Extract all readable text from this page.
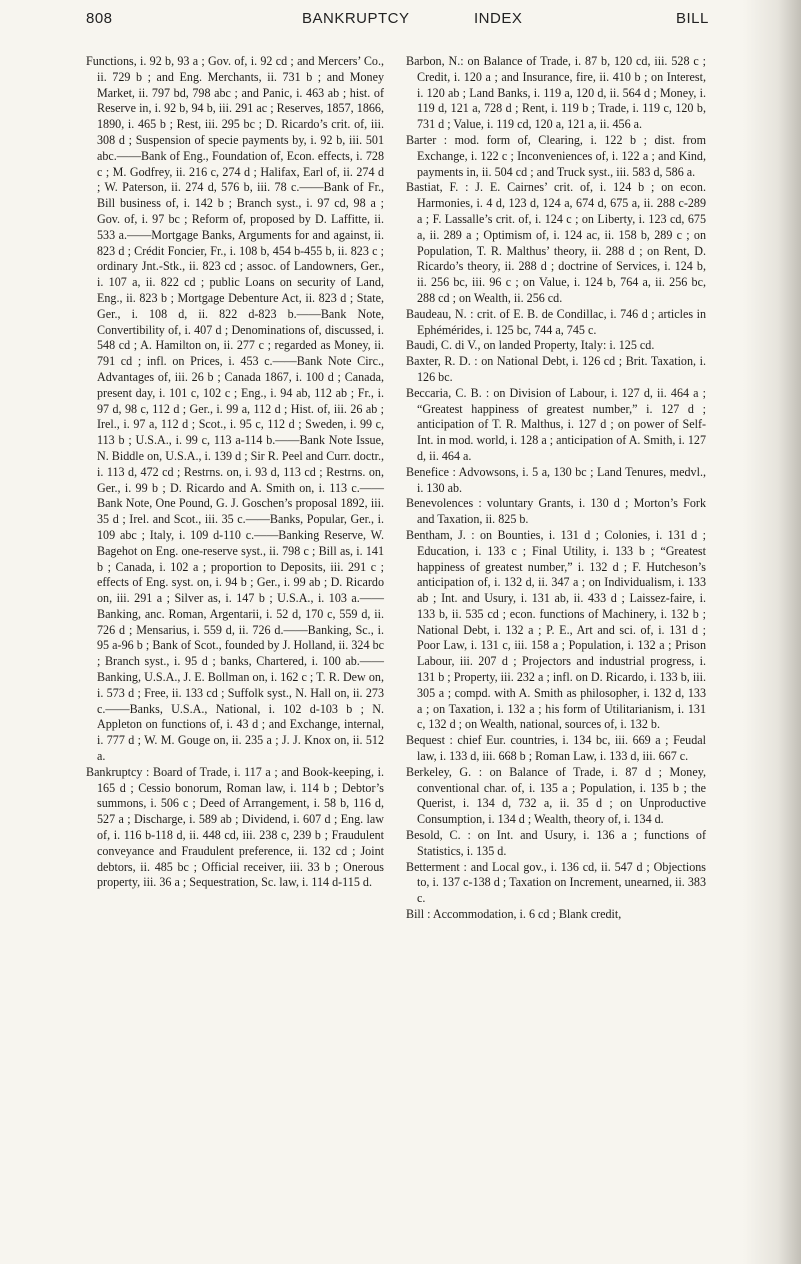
808	BANKRUPTCY	INDEX	BILL

Functions, i. 92 b, 93 a ; Gov. of, i. 92 cd ; and Mercers’ Co., ii. 729 b ; and Eng. Merchants, ii. 731 b ; and Money Market, ii. 797 bd, 798 abc ; and Panic, i. 463 ab ; hist. of Reserve in, i. 92 b, 94 b, iii. 291 ac ; Reserves, 1857, 1866, 1890, i. 465 b ; Rest, iii. 295 bc ; D. Ricardo’s crit. of, iii. 308 d ; Suspension of specie payments by, i. 92 b, iii. 501 abc.——Bank of Eng., Foundation of, Econ. effects, i. 728 c ; M. Godfrey, ii. 216 c, 274 d ; Halifax, Earl of, ii. 274 d ; W. Paterson, ii. 274 d, 576 b, iii. 78 c.——Bank of Fr., Bill business of, i. 142 b ; Branch syst., i. 97 cd, 98 a ; Gov. of, i. 97 bc ; Reform of, proposed by D. Laffitte, ii. 533 a.——Mortgage Banks, Arguments for and against, ii. 823 d ; Crédit Foncier, Fr., i. 108 b, 454 b-455 b, ii. 823 c ; ordinary Jnt.-Stk., ii. 823 cd ; assoc. of Landowners, Ger., i. 107 a, ii. 822 cd ; public Loans on security of Land, Eng., ii. 823 b ; Mortgage Debenture Act, ii. 823 d ; State, Ger., i. 108 d, ii. 822 d-823 b.——Bank Note, Convertibility of, i. 407 d ; Denominations of, discussed, i. 548 cd ; A. Hamilton on, ii. 277 c ; regarded as Money, ii. 791 cd ; infl. on Prices, i. 453 c.——Bank Note Circ., Advantages of, iii. 26 b ; Canada 1867, i. 100 d ; Canada, present day, i. 101 c, 102 c ; Eng., i. 94 ab, 112 ab ; Fr., i. 97 d, 98 c, 112 d ; Ger., i. 99 a, 112 d ; Hist. of, iii. 26 ab ; Irel., i. 97 a, 112 d ; Scot., i. 95 c, 112 d ; Sweden, i. 99 c, 113 b ; U.S.A., i. 99 c, 113 a-114 b.——Bank Note Issue, N. Biddle on, U.S.A., i. 139 d ; Sir R. Peel and Curr. doctr., i. 113 d, 472 cd ; Restrns. on, i. 93 d, 113 cd ; Restrns. on, Ger., i. 99 b ; D. Ricardo and A. Smith on, i. 113 c.——Bank Note, One Pound, G. J. Goschen’s proposal 1892, iii. 35 d ; Irel. and Scot., iii. 35 c.——Banks, Popular, Ger., i. 109 abc ; Italy, i. 109 d-110 c.——Banking Reserve, W. Bagehot on Eng. one-reserve syst., ii. 798 c ; Bill as, i. 141 b ; Canada, i. 102 a ; proportion to Deposits, iii. 291 c ; effects of Eng. syst. on, i. 94 b ; Ger., i. 99 ab ; D. Ricardo on, iii. 291 a ; Silver as, i. 147 b ; U.S.A., i. 103 a.——Banking, anc. Roman, Argentarii, i. 52 d, 170 c, 559 d, ii. 726 d ; Mensarius, i. 559 d, ii. 726 d.——Banking, Sc., i. 95 a-96 b ; Bank of Scot., founded by J. Holland, ii. 324 bc ; Branch syst., i. 95 d ; banks, Chartered, i. 100 ab.——Banking, U.S.A., J. E. Bollman on, i. 162 c ; T. R. Dew on, i. 573 d ; Free, ii. 133 cd ; Suffolk syst., N. Hall on, ii. 273 c.——Banks, U.S.A., National, i. 102 d-103 b ; N. Appleton on functions of, i. 43 d ; and Exchange, internal, i. 777 d ; W. M. Gouge on, ii. 235 a ; J. J. Knox on, ii. 512 a.

Bankruptcy : Board of Trade, i. 117 a ; and Book-keeping, i. 165 d ; Cessio bonorum, Roman law, i. 114 b ; Debtor’s summons, i. 506 c ; Deed of Arrangement, i. 58 b, 116 d, 527 a ; Discharge, i. 589 ab ; Dividend, i. 607 d ; Eng. law of, i. 116 b-118 d, ii. 448 cd, iii. 238 c, 239 b ; Fraudulent conveyance and Fraudulent preference, ii. 132 cd ; Joint debtors, ii. 485 bc ; Official receiver, iii. 33 b ; Onerous property, iii. 36 a ; Sequestration, Sc. law, i. 114 d-115 d.

Barbon, N.: on Balance of Trade, i. 87 b, 120 cd, iii. 528 c ; Credit, i. 120 a ; and Insurance, fire, ii. 410 b ; on Interest, i. 120 ab ; Land Banks, i. 119 a, 120 d, ii. 564 d ; Money, i. 119 d, 121 a, 728 d ; Rent, i. 119 b ; Trade, i. 119 c, 120 b, 731 d ; Value, i. 119 cd, 120 a, 121 a, ii. 456 a.

Barter : mod. form of, Clearing, i. 122 b ; dist. from Exchange, i. 122 c ; Inconveniences of, i. 122 a ; and Kind, payments in, ii. 504 cd ; and Truck syst., iii. 583 d, 586 a.

Bastiat, F. : J. E. Cairnes’ crit. of, i. 124 b ; on econ. Harmonies, i. 4 d, 123 d, 124 a, 674 d, 675 a, ii. 288 c-289 a ; F. Lassalle’s crit. of, i. 124 c ; on Liberty, i. 123 cd, 675 a, ii. 289 a ; Optimism of, i. 124 ac, ii. 158 b, 289 c ; on Population, T. R. Malthus’ theory, ii. 288 d ; on Rent, D. Ricardo’s theory, ii. 288 d ; doctrine of Services, i. 124 b, ii. 256 bc, iii. 96 c ; on Value, i. 124 b, 764 a, ii. 256 bc, 288 cd ; on Wealth, ii. 256 cd.

Baudeau, N. : crit. of E. B. de Condillac, i. 746 d ; articles in Ephémérides, i. 125 bc, 744 a, 745 c.

Baudi, C. di V., on landed Property, Italy: i. 125 cd.

Baxter, R. D. : on National Debt, i. 126 cd ; Brit. Taxation, i. 126 bc.

Beccaria, C. B. : on Division of Labour, i. 127 d, ii. 464 a ; “Greatest happiness of greatest number,” i. 127 d ; anticipation of T. R. Malthus, i. 127 d ; on power of Self-Int. in mod. world, i. 128 a ; anticipation of A. Smith, i. 127 d, ii. 464 a.

Benefice : Advowsons, i. 5 a, 130 bc ; Land Tenures, medvl., i. 130 ab.

Benevolences : voluntary Grants, i. 130 d ; Morton’s Fork and Taxation, ii. 825 b.

Bentham, J. : on Bounties, i. 131 d ; Colonies, i. 131 d ; Education, i. 133 c ; Final Utility, i. 133 b ; “Greatest happiness of greatest number,” i. 132 d ; F. Hutcheson’s anticipation of, i. 132 d, ii. 347 a ; on Individualism, i. 133 ab ; Int. and Usury, i. 131 ab, ii. 433 d ; Laissez-faire, i. 133 b, ii. 535 cd ; econ. functions of Machinery, i. 132 b ; National Debt, i. 132 a ; P. E., Art and sci. of, i. 131 d ; Poor Law, i. 131 c, iii. 158 a ; Population, i. 132 a ; Prison Labour, iii. 207 d ; Projectors and industrial progress, i. 131 b ; Property, iii. 232 a ; infl. on D. Ricardo, i. 133 b, iii. 305 a ; compd. with A. Smith as philosopher, i. 132 d, 133 a ; on Taxation, i. 132 a ; his form of Utilitarianism, i. 131 c, 132 d ; on Wealth, national, sources of, i. 132 b.

Bequest : chief Eur. countries, i. 134 bc, iii. 669 a ; Feudal law, i. 133 d, iii. 668 b ; Roman Law, i. 133 d, iii. 667 c.

Berkeley, G. : on Balance of Trade, i. 87 d ; Money, conventional char. of, i. 135 a ; Population, i. 135 b ; the Querist, i. 134 d, 732 a, ii. 35 d ; on Unproductive Consumption, i. 134 d ; Wealth, theory of, i. 134 d.

Besold, C. : on Int. and Usury, i. 136 a ; functions of Statistics, i. 135 d.

Betterment : and Local gov., i. 136 cd, ii. 547 d ; Objections to, i. 137 c-138 d ; Taxation on Increment, unearned, ii. 383 c.

Bill : Accommodation, i. 6 cd ; Blank credit,
